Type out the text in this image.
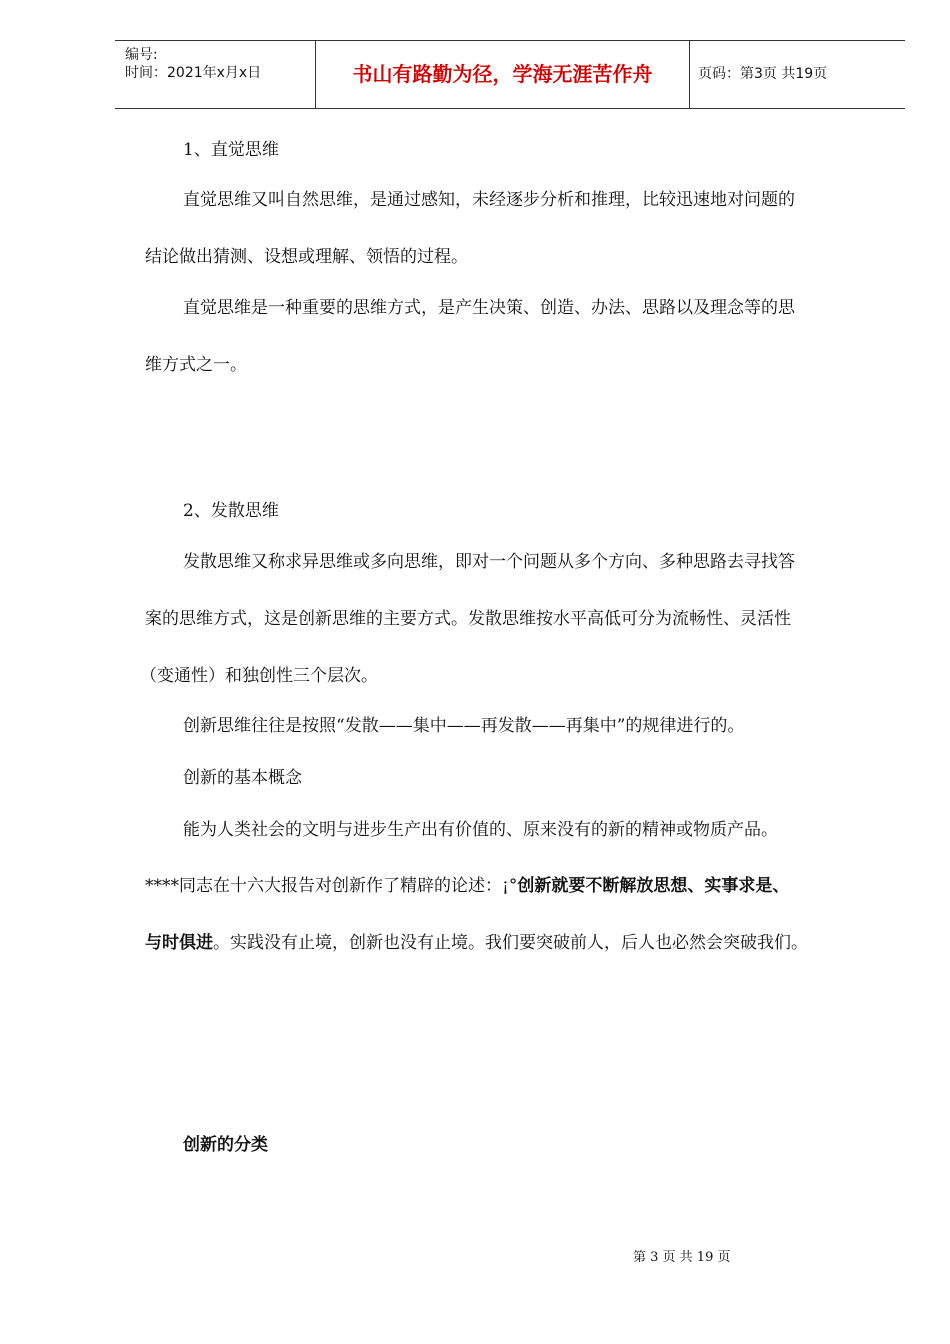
编号:
时间：2021年x月x日	书山有路勤为径，学海无涯苦作舟	页码：第3页 共19页
1、直觉思维
直觉思维又叫自然思维，是通过感知，未经逐步分析和推理，比较迅速地对问题的
结论做出猜测、设想或理解、领悟的过程。
直觉思维是一种重要的思维方式，是产生决策、创造、办法、思路以及理念等的思
维方式之一。
2、发散思维
发散思维又称求异思维或多向思维，即对一个问题从多个方向、多种思路去寻找答
案的思维方式，这是创新思维的主要方式。发散思维按水平高低可分为流畅性、灵活性
（变通性）和独创性三个层次。
创新思维往往是按照“发散——集中——再发散——再集中”的规律进行的。
创新的基本概念
能为人类社会的文明与进步生产出有价值的、原来没有的新的精神或物质产品。
****同志在十六大报告对创新作了精辟的论述：¡°创新就要不断解放思想、实事求是、
与时俱进。实践没有止境，创新也没有止境。我们要突破前人，后人也必然会突破我们。
创新的分类
第 3 页 共 19 页
